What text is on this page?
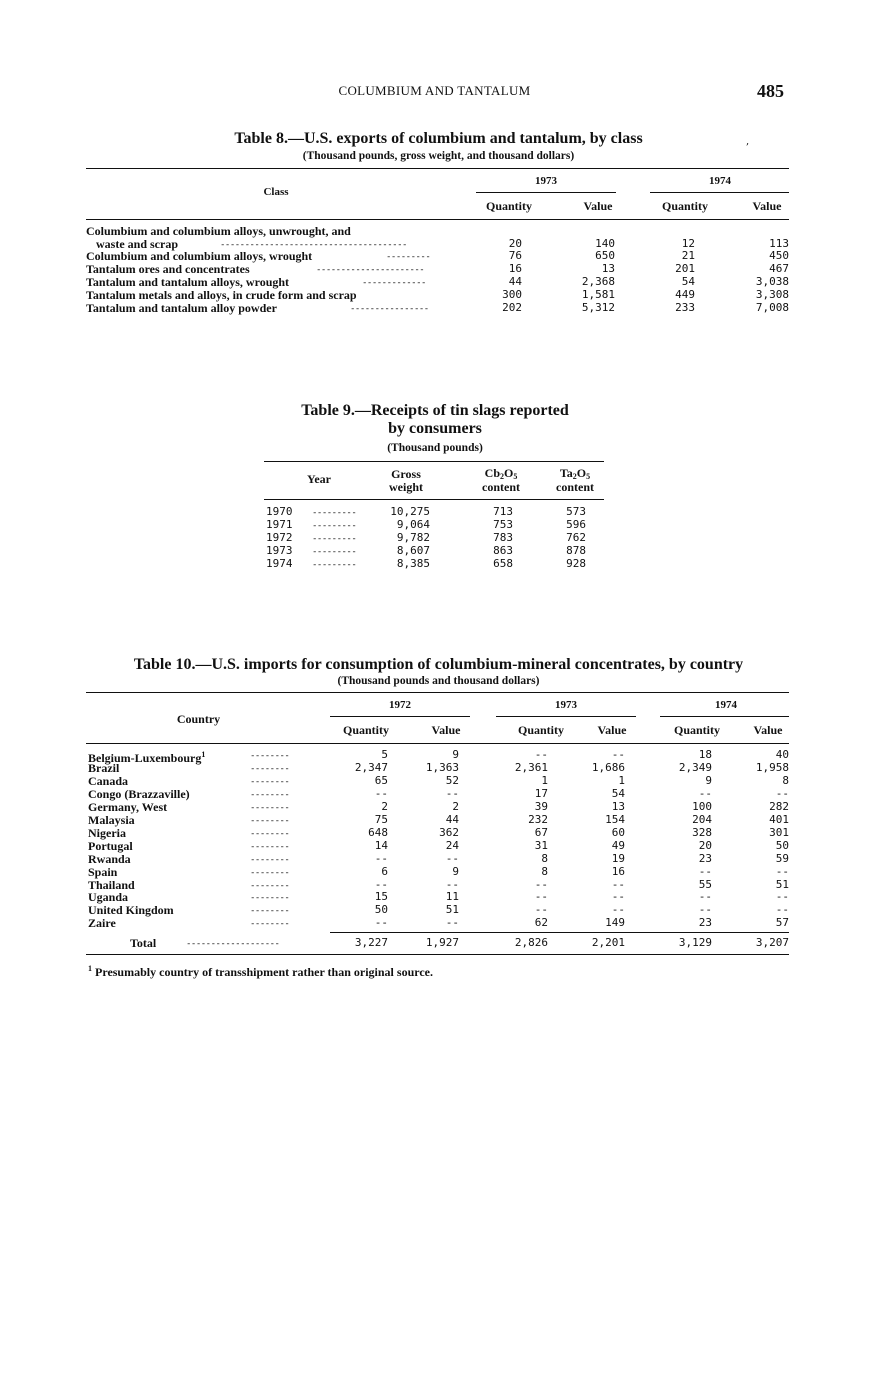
COLUMBIUM AND TANTALUM	485
,
Table 8.—U.S. exports of columbium and tantalum, by class
(Thousand pounds, gross weight, and thousand dollars)
Class
1973	1974
Quantity	Value	Quantity	Value
Columbium and columbium alloys, unwrought, and
waste and scrap	--------------------------------------	20	140	12	113
Columbium and columbium alloys, wrought	---------	76	650	21	450
Tantalum ores and concentrates	----------------------	16	13	201	467
Tantalum and tantalum alloys, wrought	-------------	44	2,368	54	3,038
Tantalum metals and alloys, in crude form and scrap	300	1,581	449	3,308
Tantalum and tantalum alloy powder	----------------	202	5,312	233	7,008
Table 9.—Receipts of tin slags reported
by consumers
(Thousand pounds)
Year	Gross
weight
$Cb_2O_5$
content
$Ta_2O_5$
content
1970 ---------	10,275	713	573
1971 ---------	9,064	753	596
1972 ---------	9,782	783	762
1973 ---------	8,607	863	878
1974 ---------	8,385	658	928
Table 10.—U.S. imports for consumption of columbium-mineral concentrates, by country
(Thousand pounds and thousand dollars)
Country
1972	1973	1974
Quantity	Value	Quantity	Value	Quantity	Value
Belgium-Luxembourg$^1$	--------	5	9	--	--	18	40
Brazil	--------	2,347	1,363	2,361	1,686	2,349	1,958
Canada	--------	65	52	1	1	9	8
Congo (Brazzaville)	--------	--	--	17	54	--	--
Germany, West	--------	2	2	39	13	100	282
Malaysia	--------	75	44	232	154	204	401
Nigeria	--------	648	362	67	60	328	301
Portugal	--------	14	24	31	49	20	50
Rwanda	--------	--	--	8	19	23	59
Spain	--------	6	9	8	16	--	--
Thailand	--------	--	--	--	--	55	51
Uganda	--------	15	11	--	--	--	--
United Kingdom	--------	50	51	--	--	--	--
Zaire	--------	--	--	62	149	23	57
Total	-------------------	3,227	1,927	2,826	2,201	3,129	3,207
$^1$ Presumably country of transshipment rather than original source.
